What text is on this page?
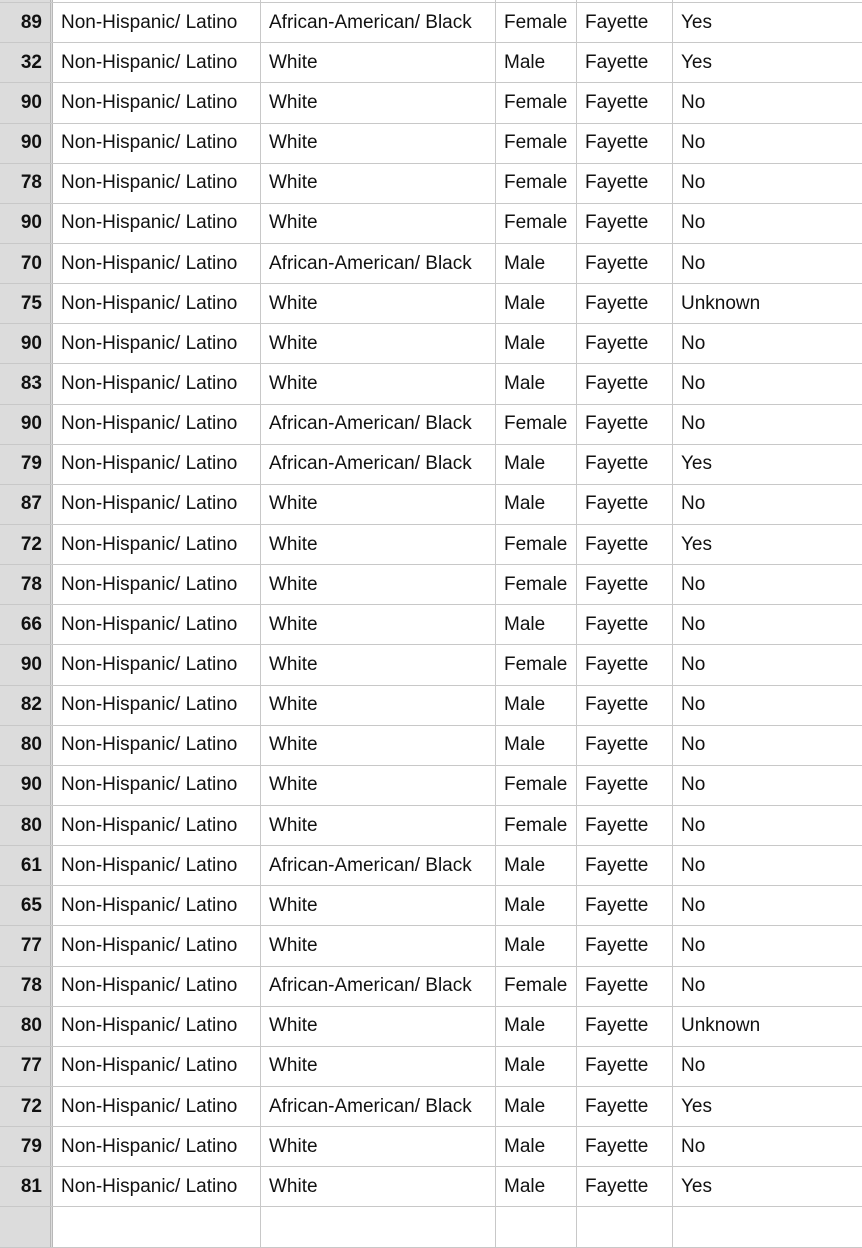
89	Non-Hispanic/ Latino	African-American/ Black	Female Fayette	Yes
32	Non-Hispanic/ Latino	White	Male	Fayette	Yes
90	Non-Hispanic/ Latino	White	Female Fayette	No
90	Non-Hispanic/ Latino	White	Female Fayette	No
78	Non-Hispanic/ Latino	White	Female Fayette	No
90	Non-Hispanic/ Latino	White	Female Fayette	No
70	Non-Hispanic/ Latino	African-American/ Black	Male	Fayette	No
75	Non-Hispanic/ Latino	White	Male	Fayette	Unknown
90	Non-Hispanic/ Latino	White	Male	Fayette	No
83	Non-Hispanic/ Latino	White	Male	Fayette	No
90	Non-Hispanic/ Latino	African-American/ Black	Female Fayette	No
79	Non-Hispanic/ Latino	African-American/ Black	Male	Fayette	Yes
87	Non-Hispanic/ Latino	White	Male	Fayette	No
72	Non-Hispanic/ Latino	White	Female Fayette	Yes
78	Non-Hispanic/ Latino	White	Female Fayette	No
66	Non-Hispanic/ Latino	White	Male	Fayette	No
90	Non-Hispanic/ Latino	White	Female Fayette	No
82	Non-Hispanic/ Latino	White	Male	Fayette	No
80	Non-Hispanic/ Latino	White	Male	Fayette	No
90	Non-Hispanic/ Latino	White	Female Fayette	No
80	Non-Hispanic/ Latino	White	Female Fayette	No
61	Non-Hispanic/ Latino	African-American/ Black	Male	Fayette	No
65	Non-Hispanic/ Latino	White	Male	Fayette	No
77	Non-Hispanic/ Latino	White	Male	Fayette	No
78	Non-Hispanic/ Latino	African-American/ Black	Female Fayette	No
80	Non-Hispanic/ Latino	White	Male	Fayette	Unknown
77	Non-Hispanic/ Latino	White	Male	Fayette	No
72	Non-Hispanic/ Latino	African-American/ Black	Male	Fayette	Yes
79	Non-Hispanic/ Latino	White	Male	Fayette	No
81	Non-Hispanic/ Latino	White	Male	Fayette	Yes
